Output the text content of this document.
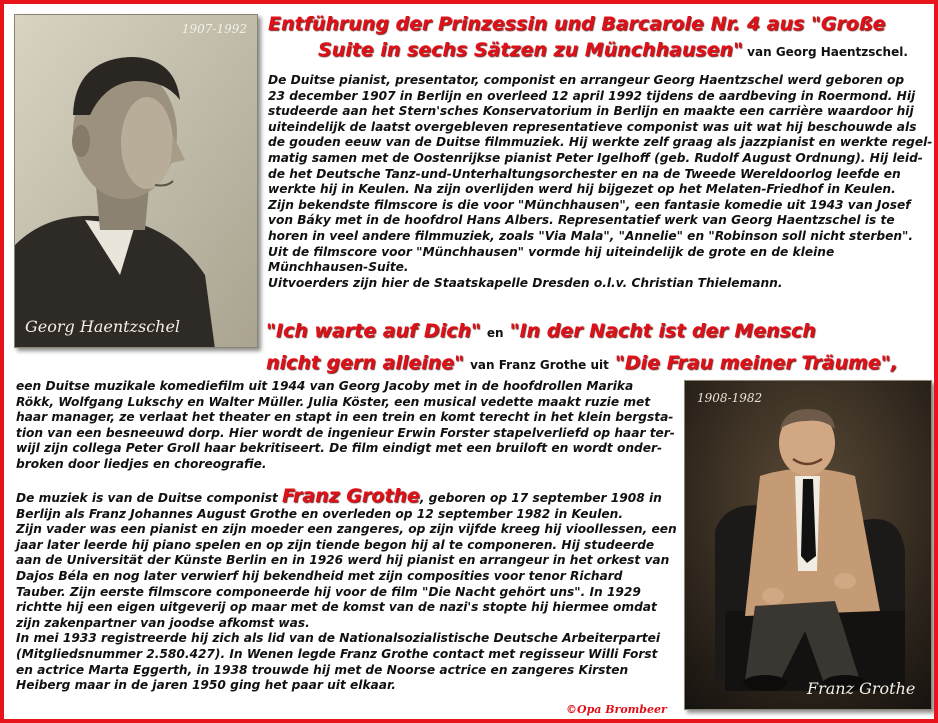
1907-1992
Georg Haentzschel
Entführung der Prinzessin und Barcarole Nr. 4 aus "Große
Suite in sechs Sätzen zu Münchhausen" van Georg Haentzschel.
De Duitse pianist, presentator, componist en arrangeur Georg Haentzschel werd geboren op
23 december 1907 in Berlijn en overleed 12 april 1992 tijdens de aardbeving in Roermond. Hij
studeerde aan het Stern'sches Konservatorium in Berlijn en maakte een carrière waardoor hij
uiteindelijk de laatst overgebleven representatieve componist was uit wat hij beschouwde als
de gouden eeuw van de Duitse filmmuziek. Hij werkte zelf graag als jazzpianist en werkte regel-
matig samen met de Oostenrijkse pianist Peter Igelhoff (geb. Rudolf August Ordnung). Hij leid-
de het Deutsche Tanz-und-Unterhaltungsorchester en na de Tweede Wereldoorlog leefde en
werkte hij in Keulen. Na zijn overlijden werd hij bijgezet op het Melaten-Friedhof in Keulen.
Zijn bekendste filmscore is die voor "Münchhausen", een fantasie komedie uit 1943 van Josef
von Báky met in de hoofdrol Hans Albers. Representatief werk van Georg Haentzschel is te
horen in veel andere filmmuziek, zoals "Via Mala", "Annelie" en "Robinson soll nicht sterben".
Uit de filmscore voor "Münchhausen" vormde hij uiteindelijk de grote en de kleine
Münchhausen-Suite.
Uitvoerders zijn hier de Staatskapelle Dresden o.l.v. Christian Thielemann.
"Ich warte auf Dich" en "In der Nacht ist der Mensch
nicht gern alleine" van Franz Grothe uit "Die Frau meiner Träume",
een Duitse muzikale komediefilm uit 1944 van Georg Jacoby met in de hoofdrollen Marika
Rökk, Wolfgang Lukschy en Walter Müller. Julia Köster, een musical vedette maakt ruzie met
haar manager, ze verlaat het theater en stapt in een trein en komt terecht in het klein bergsta-
tion van een besneeuwd dorp. Hier wordt de ingenieur Erwin Forster stapelverliefd op haar ter-
wijl zijn collega Peter Groll haar bekritiseert. De film eindigt met een bruiloft en wordt onder-
broken door liedjes en choreografie.
De muziek is van de Duitse componist Franz Grothe, geboren op 17 september 1908 in
Berlijn als Franz Johannes August Grothe en overleden op 12 september 1982 in Keulen.
Zijn vader was een pianist en zijn moeder een zangeres, op zijn vijfde kreeg hij vioollessen, een
jaar later leerde hij piano spelen en op zijn tiende begon hij al te componeren. Hij studeerde
aan de Universität der Künste Berlin en in 1926 werd hij pianist en arrangeur in het orkest van
Dajos Béla en nog later verwierf hij bekendheid met zijn composities voor tenor Richard
Tauber. Zijn eerste filmscore componeerde hij voor de film "Die Nacht gehört uns". In 1929
richtte hij een eigen uitgeverij op maar met de komst van de nazi's stopte hij hiermee omdat
zijn zakenpartner van joodse afkomst was.
In mei 1933 registreerde hij zich als lid van de Nationalsozialistische Deutsche Arbeiterpartei
(Mitgliedsnummer 2.580.427). In Wenen legde Franz Grothe contact met regisseur Willi Forst
en actrice Marta Eggerth, in 1938 trouwde hij met de Noorse actrice en zangeres Kirsten
Heiberg maar in de jaren 1950 ging het paar uit elkaar.
1908-1982
Franz Grothe
©Opa Brombeer
